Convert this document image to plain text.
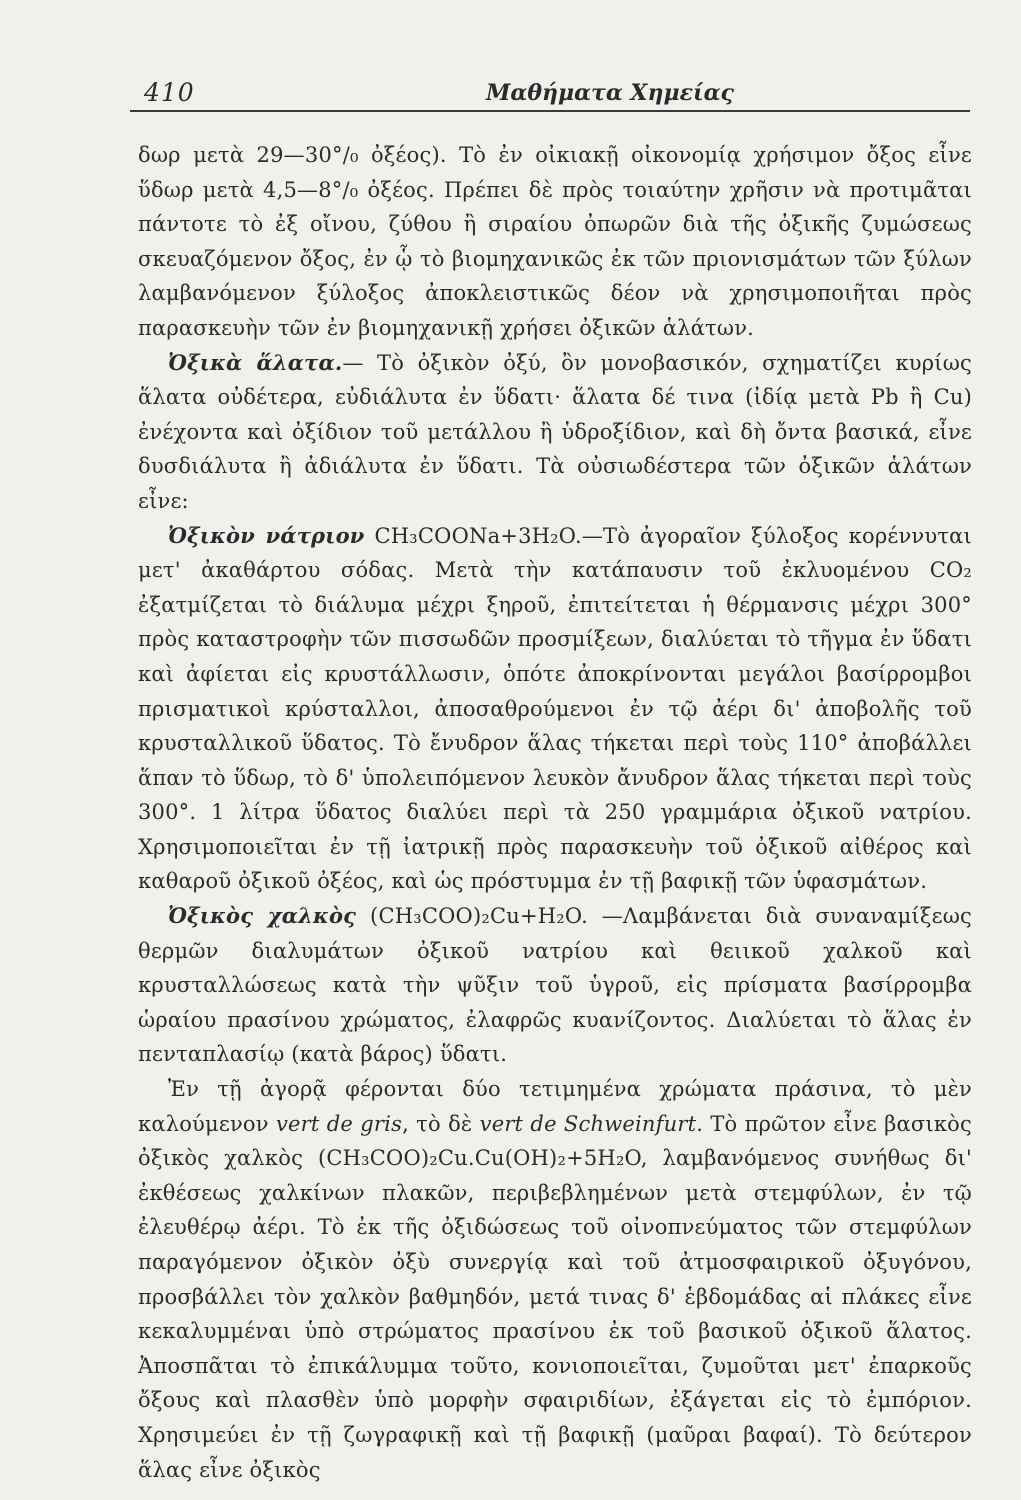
410	Μαθήματα Χημείας

δωρ μετὰ 29—30°/₀ ὀξέος). Τὸ ἐν οἰκιακῇ οἰκονομίᾳ χρήσιμον ὄξος εἶνε ὕδωρ μετὰ 4,5—8°/₀ ὀξέος. Πρέπει δὲ πρὸς τοιαύτην χρῆσιν νὰ προτιμᾶται πάντοτε τὸ ἐξ οἴνου, ζύθου ἢ σιραίου ὀπωρῶν διὰ τῆς ὀξικῆς ζυμώσεως σκευαζόμενον ὄξος, ἐν ᾧ τὸ βιομηχανικῶς ἐκ τῶν πριονισμάτων τῶν ξύλων λαμβανόμενον ξύλοξος ἀποκλειστικῶς δέον νὰ χρησιμοποιῆται πρὸς παρασκευὴν τῶν ἐν βιομηχανικῇ χρήσει ὀξικῶν ἁλάτων.

Ὀξικὰ ἅλατα.— Τὸ ὀξικὸν ὀξύ, ὂν μονοβασικόν, σχηματίζει κυρίως ἅλατα οὐδέτερα, εὐδιάλυτα ἐν ὕδατι· ἅλατα δέ τινα (ἰδίᾳ μετὰ Pb ἢ Cu) ἐνέχοντα καὶ ὀξίδιον τοῦ μετάλλου ἢ ὑδροξίδιον, καὶ δὴ ὄντα βασικά, εἶνε δυσδιάλυτα ἢ ἀδιάλυτα ἐν ὕδατι. Τὰ οὐσιωδέστερα τῶν ὀξικῶν ἁλάτων εἶνε:

Ὀξικὸν νάτριον CH₃COONa+3H₂O.—Τὸ ἀγοραῖον ξύλοξος κορέννυται μετ' ἀκαθάρτου σόδας. Μετὰ τὴν κατάπαυσιν τοῦ ἐκλυομένου CO₂ ἐξατμίζεται τὸ διάλυμα μέχρι ξηροῦ, ἐπιτείτεται ἡ θέρμανσις μέχρι 300° πρὸς καταστροφὴν τῶν πισσωδῶν προσμίξεων, διαλύεται τὸ τῆγμα ἐν ὕδατι καὶ ἀφίεται εἰς κρυστάλλωσιν, ὁπότε ἀποκρίνονται μεγάλοι βασίρρομβοι πρισματικοὶ κρύσταλλοι, ἀποσαθρούμενοι ἐν τῷ ἀέρι δι' ἀποβολῆς τοῦ κρυσταλλικοῦ ὕδατος. Τὸ ἔνυδρον ἅλας τήκεται περὶ τοὺς 110° ἀποβάλλει ἅπαν τὸ ὕδωρ, τὸ δ' ὑπολειπόμενον λευκὸν ἄνυδρον ἅλας τήκεται περὶ τοὺς 300°. 1 λίτρα ὕδατος διαλύει περὶ τὰ 250 γραμμάρια ὀξικοῦ νατρίου. Χρησιμοποιεῖται ἐν τῇ ἰατρικῇ πρὸς παρασκευὴν τοῦ ὀξικοῦ αἰθέρος καὶ καθαροῦ ὀξικοῦ ὀξέος, καὶ ὡς πρόστυμμα ἐν τῇ βαφικῇ τῶν ὑφασμάτων.

Ὀξικὸς χαλκὸς (CH₃COO)₂Cu+H₂O. —Λαμβάνεται διὰ συναναμίξεως θερμῶν διαλυμάτων ὀξικοῦ νατρίου καὶ θειικοῦ χαλκοῦ καὶ κρυσταλλώσεως κατὰ τὴν ψῦξιν τοῦ ὑγροῦ, εἰς πρίσματα βασίρρομβα ὡραίου πρασίνου χρώματος, ἐλαφρῶς κυανίζοντος. Διαλύεται τὸ ἅλας ἐν πενταπλασίῳ (κατὰ βάρος) ὕδατι.

Ἐν τῇ ἀγορᾷ φέρονται δύο τετιμημένα χρώματα πράσινα, τὸ μὲν καλούμενον vert de gris, τὸ δὲ vert de Schweinfurt. Τὸ πρῶτον εἶνε βασικὸς ὀξικὸς χαλκὸς (CH₃COO)₂Cu.Cu(OH)₂+5H₂O, λαμβανόμενος συνήθως δι' ἐκθέσεως χαλκίνων πλακῶν, περιβεβλημένων μετὰ στεμφύλων, ἐν τῷ ἐλευθέρῳ ἀέρι. Τὸ ἐκ τῆς ὀξιδώσεως τοῦ οἰνοπνεύματος τῶν στεμφύλων παραγόμενον ὀξικὸν ὀξὺ συνεργίᾳ καὶ τοῦ ἀτμοσφαιρικοῦ ὀξυγόνου, προσβάλλει τὸν χαλκὸν βαθμηδόν, μετά τινας δ' ἑβδομάδας αἱ πλάκες εἶνε κεκαλυμμέναι ὑπὸ στρώματος πρασίνου ἐκ τοῦ βασικοῦ ὀξικοῦ ἅλατος. Ἀποσπᾶται τὸ ἐπικάλυμμα τοῦτο, κονιοποιεῖται, ζυμοῦται μετ' ἐπαρκοῦς ὄξους καὶ πλασθὲν ὑπὸ μορφὴν σφαιριδίων, ἐξάγεται εἰς τὸ ἐμπόριον. Χρησιμεύει ἐν τῇ ζωγραφικῇ καὶ τῇ βαφικῇ (μαῦραι βαφαί). Τὸ δεύτερον ἅλας εἶνε ὀξικὸς
